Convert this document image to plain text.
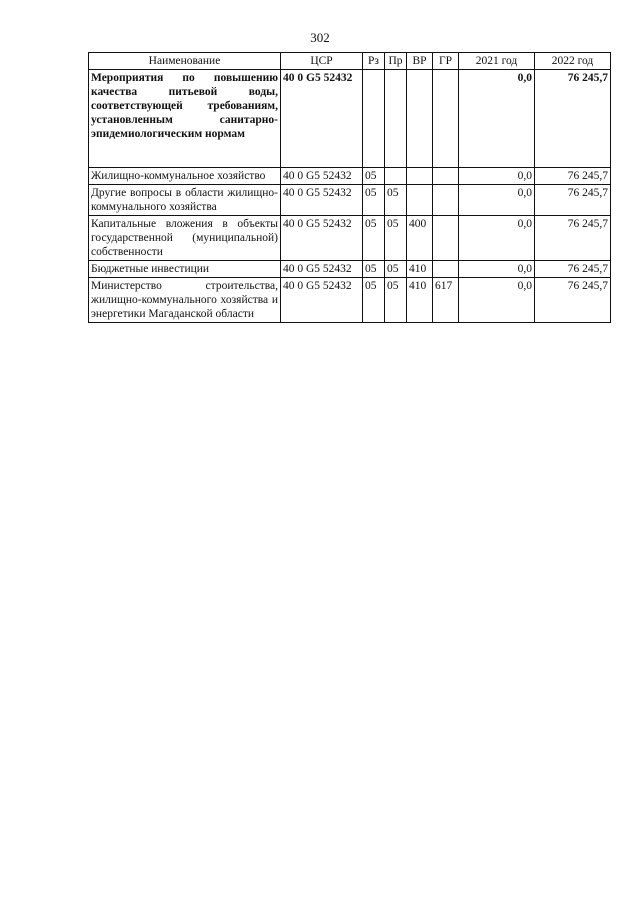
302
Наименование	ЦСР	Рз	Пр	ВР	ГР	2021 год	2022 год
Мероприятия по повышению качества питьевой воды, соответствующей требованиям, установленным санитарно-эпидемиологическим нормам	40 0 G5 52432					0,0	76 245,7
Жилищно-коммунальное хозяйство	40 0 G5 52432	05				0,0	76 245,7
Другие вопросы в области жилищно-коммунального хозяйства	40 0 G5 52432	05	05			0,0	76 245,7
Капитальные вложения в объекты государственной (муниципальной) собственности	40 0 G5 52432	05	05	400		0,0	76 245,7
Бюджетные инвестиции	40 0 G5 52432	05	05	410		0,0	76 245,7
Министерство строительства, жилищно-коммунального хозяйства и энергетики Магаданской области	40 0 G5 52432	05	05	410	617	0,0	76 245,7
